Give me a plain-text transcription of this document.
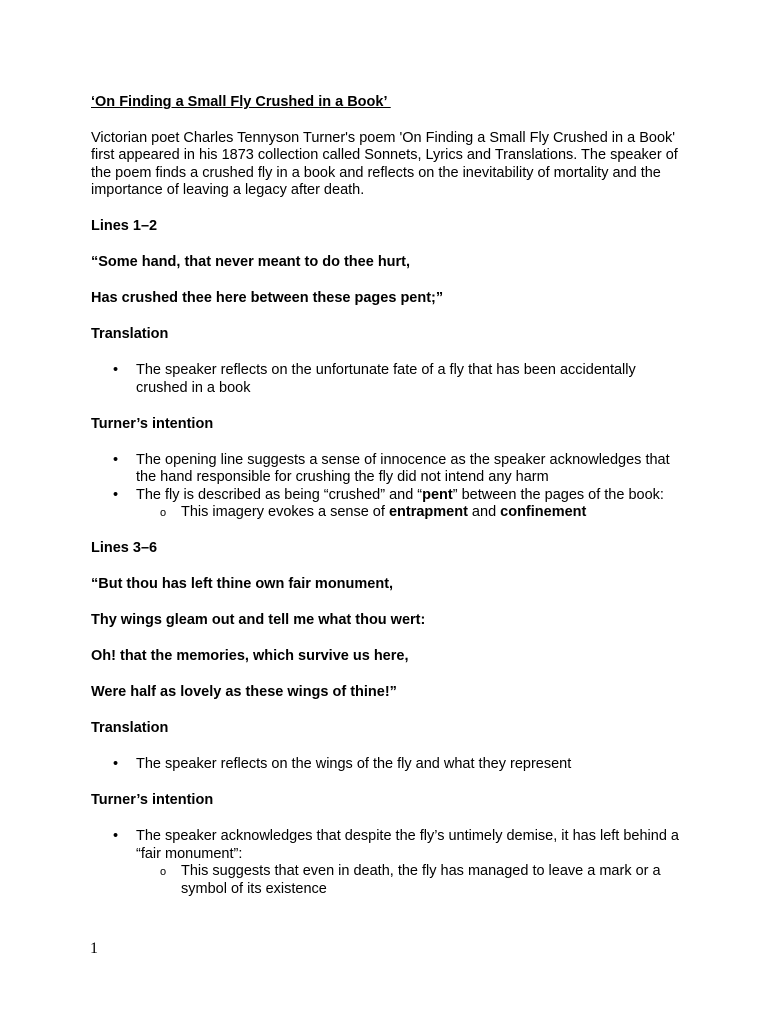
‘On Finding a Small Fly Crushed in a Book’

Victorian poet Charles Tennyson Turner's poem 'On Finding a Small Fly Crushed in a Book' first appeared in his 1873 collection called Sonnets, Lyrics and Translations. The speaker of the poem finds a crushed fly in a book and reflects on the inevitability of mortality and the importance of leaving a legacy after death.

Lines 1–2

“Some hand, that never meant to do thee hurt,

Has crushed thee here between these pages pent;”

Translation

• The speaker reflects on the unfortunate fate of a fly that has been accidentally crushed in a book

Turner’s intention

• The opening line suggests a sense of innocence as the speaker acknowledges that the hand responsible for crushing the fly did not intend any harm
• The fly is described as being “crushed” and “pent” between the pages of the book:
o This imagery evokes a sense of entrapment and confinement

Lines 3–6

“But thou has left thine own fair monument,

Thy wings gleam out and tell me what thou wert:

Oh! that the memories, which survive us here,

Were half as lovely as these wings of thine!”

Translation

• The speaker reflects on the wings of the fly and what they represent

Turner’s intention

• The speaker acknowledges that despite the fly’s untimely demise, it has left behind a “fair monument”:
o This suggests that even in death, the fly has managed to leave a mark or a symbol of its existence
1
